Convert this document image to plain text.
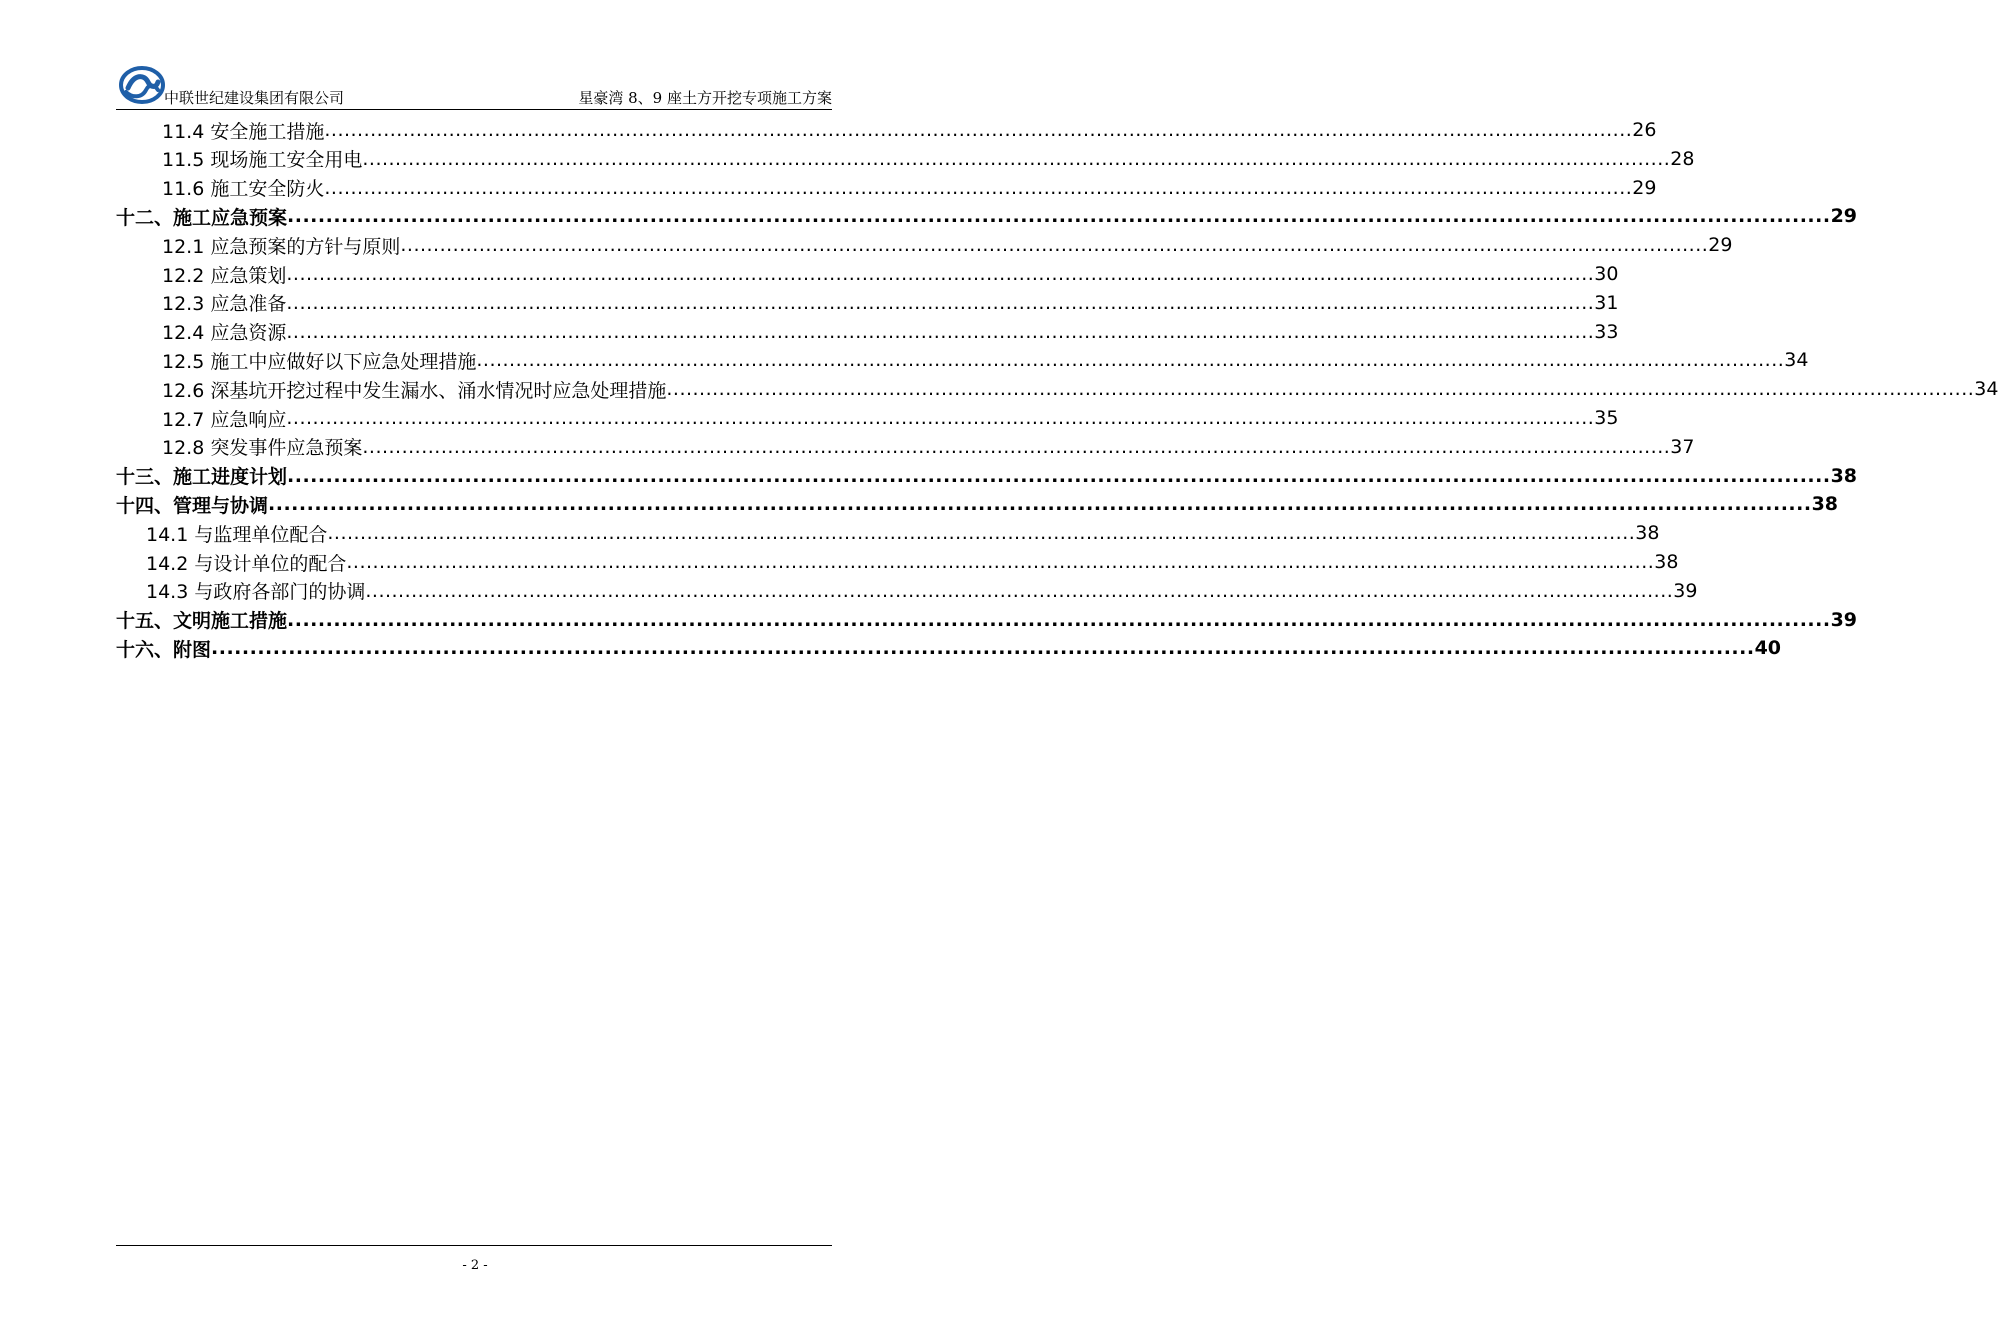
中联世纪建设集团有限公司	星豪湾 8、9 座土方开挖专项施工方案
11.4 安全施工措施 ........................................................................................................................................................................................................ 26
11.5 现场施工安全用电 ........................................................................................................................................................................................................ 28
11.6 施工安全防火 ........................................................................................................................................................................................................ 29
十二、施工应急预案 ........................................................................................................................................................................................................ 29
12.1 应急预案的方针与原则 ........................................................................................................................................................................................................ 29
12.2 应急策划 ........................................................................................................................................................................................................ 30
12.3 应急准备 ........................................................................................................................................................................................................ 31
12.4 应急资源 ........................................................................................................................................................................................................ 33
12.5 施工中应做好以下应急处理措施 ........................................................................................................................................................................................................ 34
12.6 深基坑开挖过程中发生漏水、涌水情况时应急处理措施 ........................................................................................................................................................................................................ 34
12.7 应急响应 ........................................................................................................................................................................................................ 35
12.8 突发事件应急预案 ........................................................................................................................................................................................................ 37
十三、施工进度计划 ........................................................................................................................................................................................................ 38
十四、管理与协调 ........................................................................................................................................................................................................ 38
14.1 与监理单位配合 ........................................................................................................................................................................................................ 38
14.2 与设计单位的配合 ........................................................................................................................................................................................................ 38
14.3 与政府各部门的协调 ........................................................................................................................................................................................................ 39
十五、文明施工措施 ........................................................................................................................................................................................................ 39
十六、附图 ........................................................................................................................................................................................................ 40
- 2 -
